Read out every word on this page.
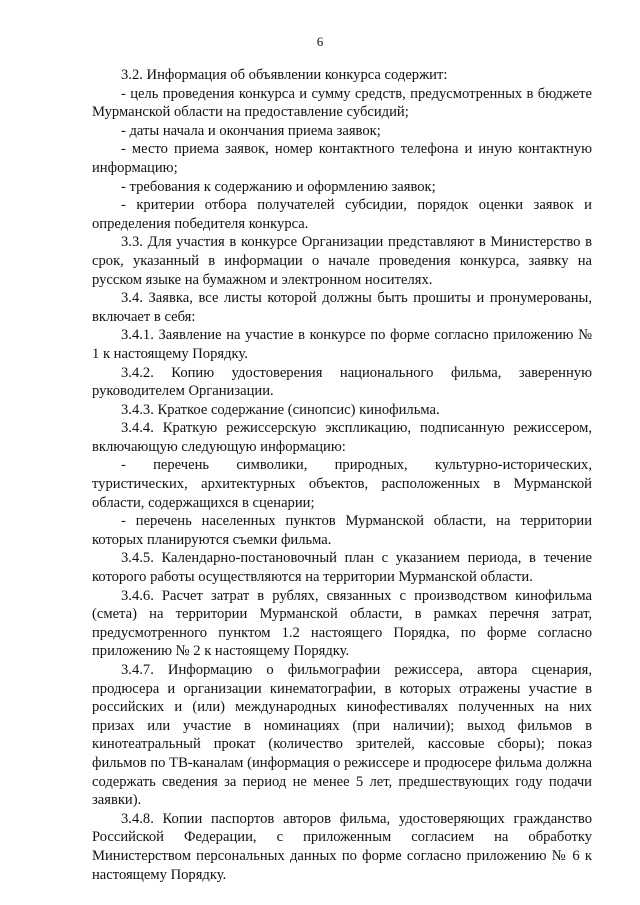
6

3.2. Информация об объявлении конкурса содержит:

- цель проведения конкурса и сумму средств, предусмотренных в бюджете Мурманской области на предоставление субсидий;

- даты начала и окончания приема заявок;

- место приема заявок, номер контактного телефона и иную контактную информацию;

- требования к содержанию и оформлению заявок;

- критерии отбора получателей субсидии, порядок оценки заявок и определения победителя конкурса.

3.3. Для участия в конкурсе Организации представляют в Министерство в срок, указанный в информации о начале проведения конкурса, заявку на русском языке на бумажном и электронном носителях.

3.4. Заявка, все листы которой должны быть прошиты и пронумерованы, включает в себя:

3.4.1. Заявление на участие в конкурсе по форме согласно приложению № 1 к настоящему Порядку.

3.4.2. Копию удостоверения национального фильма, заверенную руководителем Организации.

3.4.3. Краткое содержание (синопсис) кинофильма.

3.4.4. Краткую режиссерскую экспликацию, подписанную режиссером, включающую следующую информацию:

- перечень символики, природных, культурно-исторических, туристических, архитектурных объектов, расположенных в Мурманской области, содержащихся в сценарии;

- перечень населенных пунктов Мурманской области, на территории которых планируются съемки фильма.

3.4.5. Календарно-постановочный план с указанием периода, в течение которого работы осуществляются на территории Мурманской области.

3.4.6. Расчет затрат в рублях, связанных с производством кинофильма (смета) на территории Мурманской области, в рамках перечня затрат, предусмотренного пунктом 1.2 настоящего Порядка, по форме согласно приложению № 2 к настоящему Порядку.

3.4.7. Информацию о фильмографии режиссера, автора сценария, продюсера и организации кинематографии, в которых отражены участие в российских и (или) международных кинофестивалях полученных на них призах или участие в номинациях (при наличии); выход фильмов в кинотеатральный прокат (количество зрителей, кассовые сборы); показ фильмов по ТВ-каналам (информация о режиссере и продюсере фильма должна содержать сведения за период не менее 5 лет, предшествующих году подачи заявки).

3.4.8. Копии паспортов авторов фильма, удостоверяющих гражданство Российской Федерации, с приложенным согласием на обработку Министерством персональных данных по форме согласно приложению № 6 к настоящему Порядку.
